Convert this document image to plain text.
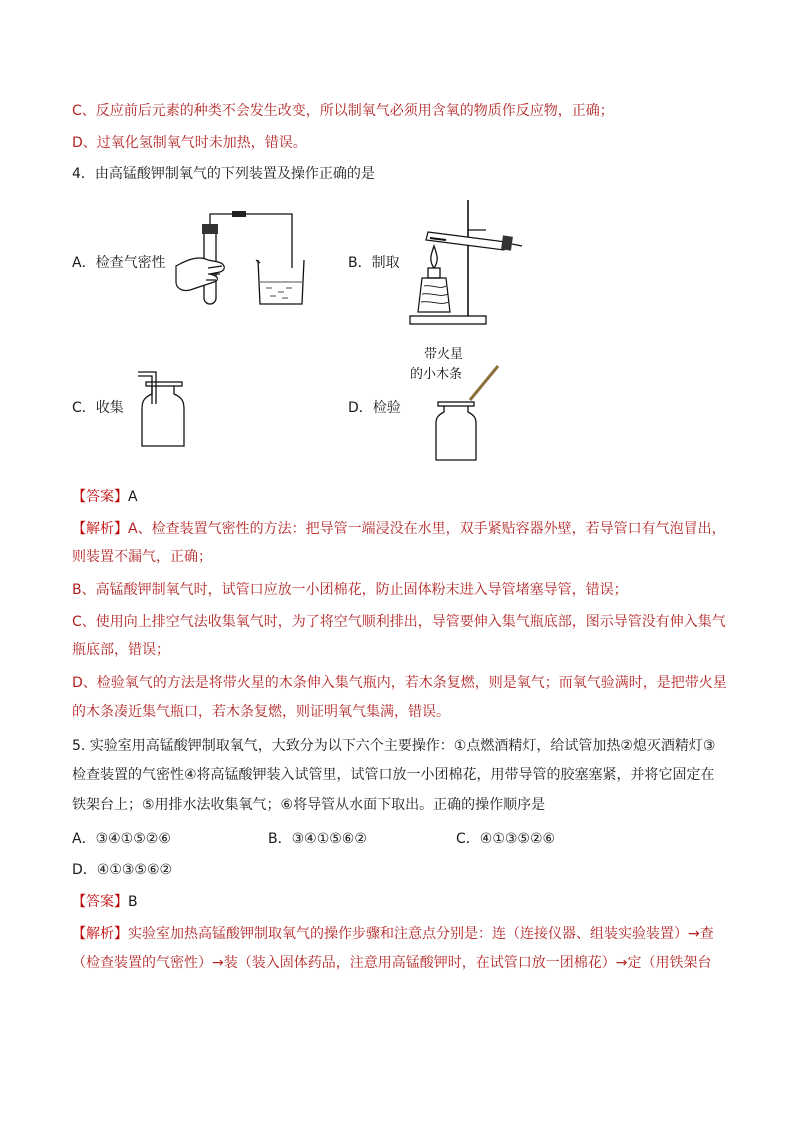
C、反应前后元素的种类不会发生改变，所以制氧气必须用含氧的物质作反应物，正确；
D、过氧化氢制氧气时未加热，错误。
4．由高锰酸钾制氧气的下列装置及操作正确的是
A．检查气密性	B．制取
C．收集	D．检验
带火星
的小木条
【答案】A
【解析】A、检查装置气密性的方法：把导管一端浸没在水里，双手紧贴容器外壁，若导管口有气泡冒出，
则装置不漏气，正确；
B、高锰酸钾制氧气时，试管口应放一小团棉花，防止固体粉末进入导管堵塞导管，错误；
C、使用向上排空气法收集氧气时，为了将空气顺利排出，导管要伸入集气瓶底部，图示导管没有伸入集气
瓶底部，错误；
D、检验氧气的方法是将带火星的木条伸入集气瓶内，若木条复燃，则是氧气；而氧气验满时，是把带火星
的木条凑近集气瓶口，若木条复燃，则证明氧气集满，错误。
5. 实验室用高锰酸钾制取氧气，大致分为以下六个主要操作：①点燃酒精灯，给试管加热②熄灭酒精灯③
检查装置的气密性④将高锰酸钾装入试管里，试管口放一小团棉花，用带导管的胶塞塞紧，并将它固定在
铁架台上；⑤用排水法收集氧气；⑥将导管从水面下取出。正确的操作顺序是
A．③④①⑤②⑥	B．③④①⑤⑥②	C．④①③⑤②⑥
D．④①③⑤⑥②
【答案】B
【解析】实验室加热高锰酸钾制取氧气的操作步骤和注意点分别是：连（连接仪器、组装实验装置）→查
（检查装置的气密性）→装（装入固体药品，注意用高锰酸钾时，在试管口放一团棉花）→定（用铁架台
